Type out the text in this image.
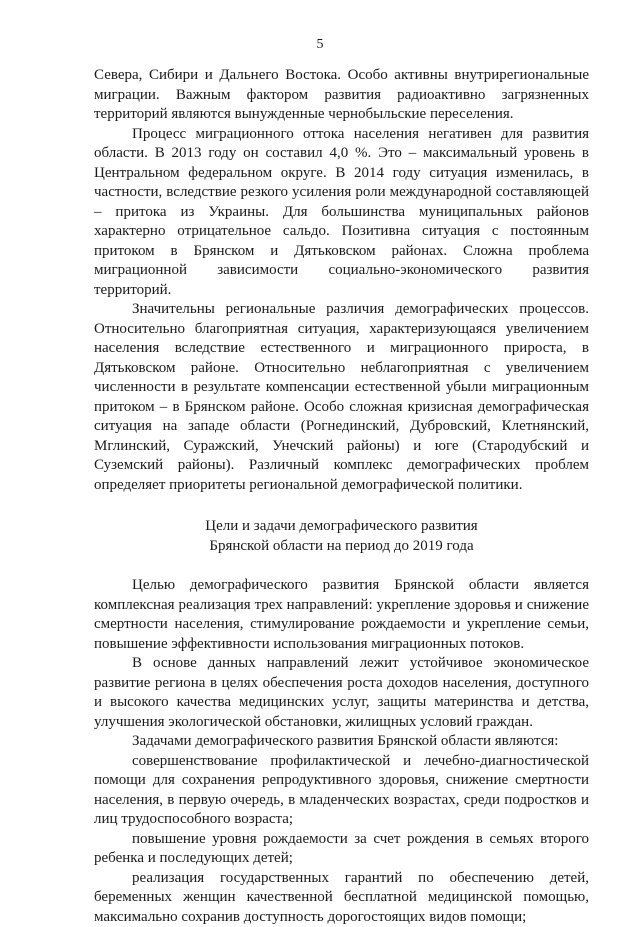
5

Севера, Сибири и Дальнего Востока. Особо активны внутрирегиональные миграции. Важным фактором развития радиоактивно загрязненных территорий являются вынужденные чернобыльские переселения.

Процесс миграционного оттока населения негативен для развития области. В 2013 году он составил 4,0 %. Это – максимальный уровень в Центральном федеральном округе. В 2014 году ситуация изменилась, в частности, вследствие резкого усиления роли международной составляющей – притока из Украины. Для большинства муниципальных районов характерно отрицательное сальдо. Позитивна ситуация с постоянным притоком в Брянском и Дятьковском районах. Сложна проблема миграционной зависимости социально-экономического развития территорий.

Значительны региональные различия демографических процессов. Относительно благоприятная ситуация, характеризующаяся увеличением населения вследствие естественного и миграционного прироста, в Дятьковском районе. Относительно неблагоприятная с увеличением численности в результате компенсации естественной убыли миграционным притоком – в Брянском районе. Особо сложная кризисная демографическая ситуация на западе области (Рогнединский, Дубровский, Клетнянский, Мглинский, Суражский, Унечский районы) и юге (Стародубский и Суземский районы). Различный комплекс демографических проблем определяет приоритеты региональной демографической политики.

Цели и задачи демографического развития
Брянской области на период до 2019 года

Целью демографического развития Брянской области является комплексная реализация трех направлений: укрепление здоровья и снижение смертности населения, стимулирование рождаемости и укрепление семьи, повышение эффективности использования миграционных потоков.

В основе данных направлений лежит устойчивое экономическое развитие региона в целях обеспечения роста доходов населения, доступного и высокого качества медицинских услуг, защиты материнства и детства, улучшения экологической обстановки, жилищных условий граждан.

Задачами демографического развития Брянской области являются:

совершенствование профилактической и лечебно-диагностической помощи для сохранения репродуктивного здоровья, снижение смертности населения, в первую очередь, в младенческих возрастах, среди подростков и лиц трудоспособного возраста;

повышение уровня рождаемости за счет рождения в семьях второго ребенка и последующих детей;

реализация государственных гарантий по обеспечению детей, беременных женщин качественной бесплатной медицинской помощью, максимально сохранив доступность дорогостоящих видов помощи;
